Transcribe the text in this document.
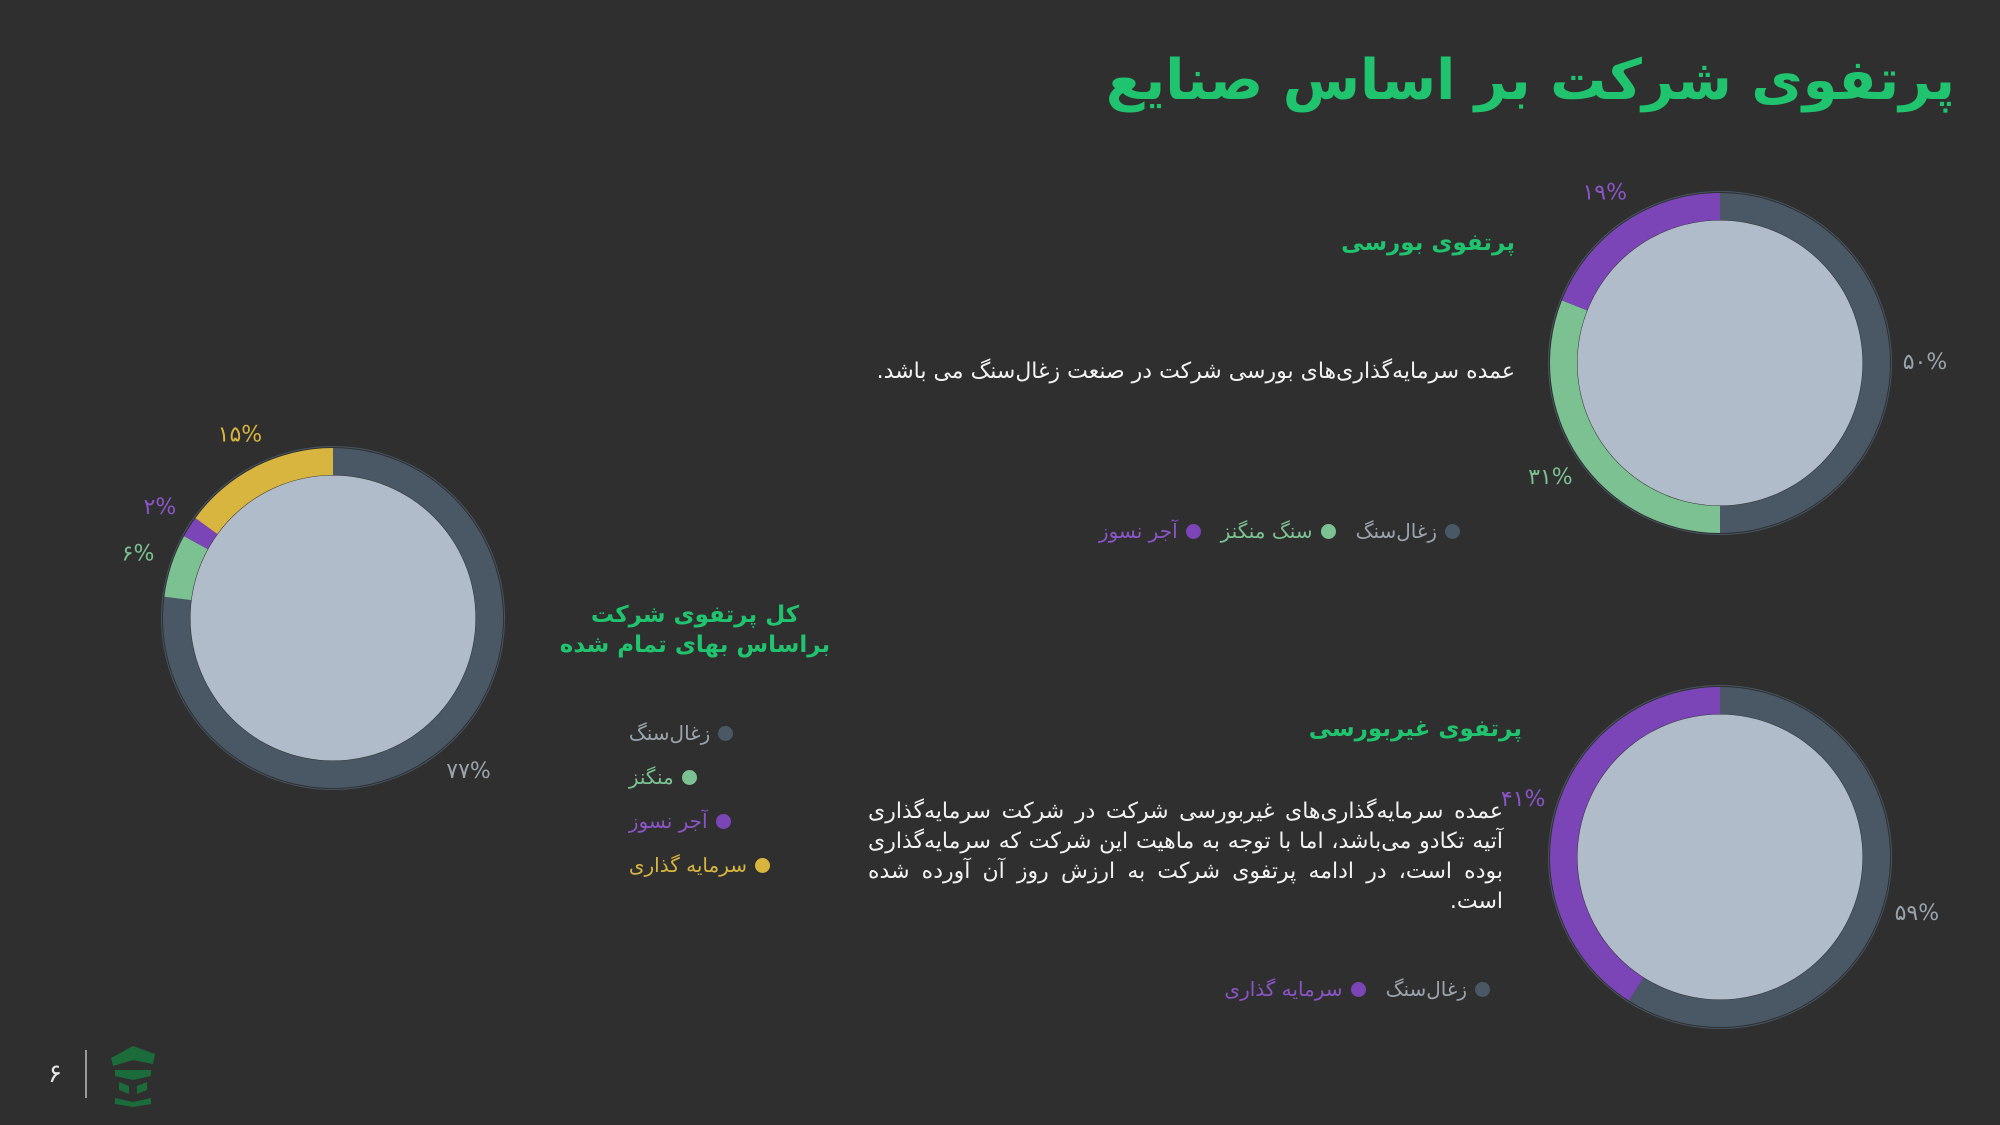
پرتفوی شرکت بر اساس صنایع
۵۰%
۳۱%
۱۹%
پرتفوی بورسی

عمده سرمایه‌گذاری‌های بورسی شرکت در صنعت زغال‌سنگ می باشد.

زغال‌سنگ
سنگ منگنز
آجر نسوز
۵۹%
۴۱%
پرتفوی غیربورسی

عمده سرمایه‌گذاری‌های غیربورسی شرکت در شرکت سرمایه‌گذاری آتیه تکادو می‌باشد، اما با توجه به ماهیت این شرکت که سرمایه‌گذاری بوده است، در ادامه پرتفوی شرکت به ارزش روز آن آورده شده است.

زغال‌سنگ
سرمایه گذاری
۷۷%
۶%
۲%
۱۵%
کل پرتفوی شرکت براساس بهای تمام شده
زغال‌سنگ
منگنز
آجر نسوز
سرمایه گذاری
۶
